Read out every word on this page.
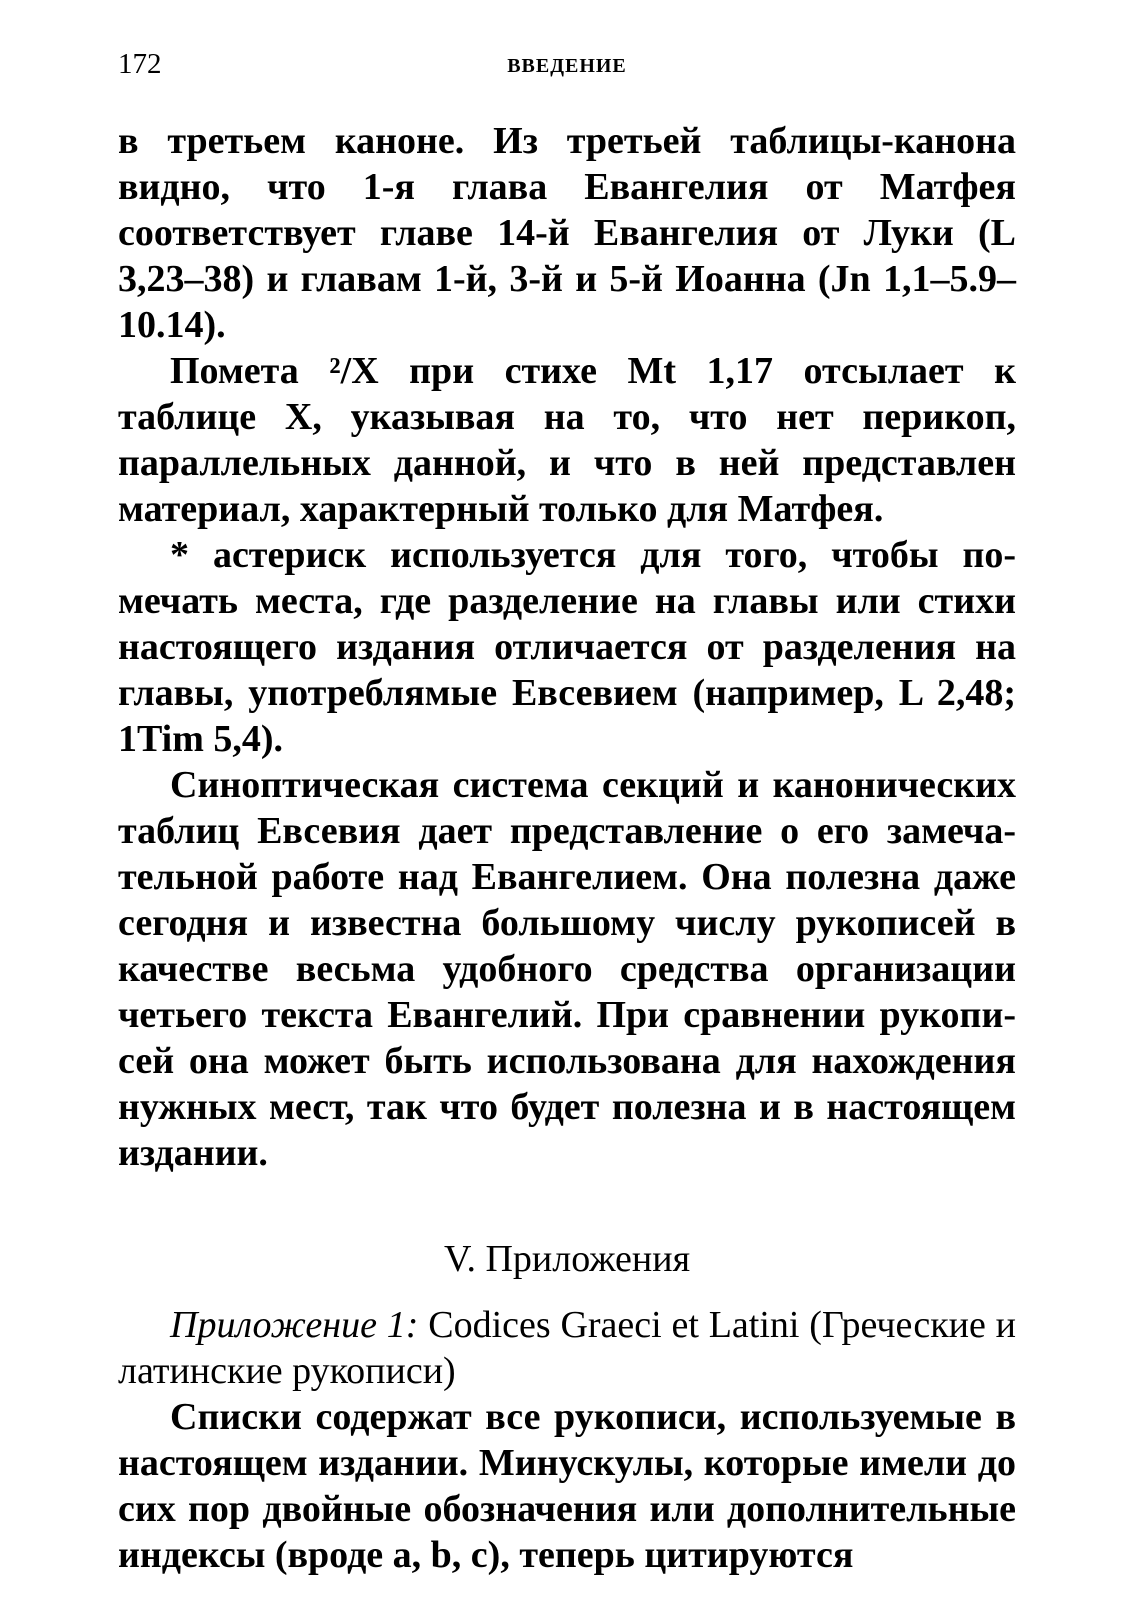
172	ВВЕДЕНИЕ

в третьем каноне. Из третьей таблицы-канона видно, что 1-я глава Евангелия от Матфея соответствует главе 14-й Евангелия от Луки (L 3,23–38) и главам 1-й, 3-й и 5-й Иоанна (Jn 1,1–5.9–10.14).

Помета ²/X при стихе Mt 1,17 отсылает к таблице X, указывая на то, что нет перикоп, параллельных данной, и что в ней представлен материал, характерный только для Матфея.

* астериск используется для того, чтобы помечать места, где разделение на главы или стихи настоящего издания отличается от разделения на главы, употреблямые Евсевием (например, L 2,48; 1Tim 5,4).

Синоптическая система секций и канонических таблиц Евсевия дает представление о его замечательной работе над Евангелием. Она полезна даже сегодня и известна большому числу рукописей в качестве весьма удобного средства организации четьего текста Евангелий. При сравнении рукописей она может быть использована для нахождения нужных мест, так что будет полезна и в настоящем издании.

V. Приложения

Приложение 1: Codices Graeci et Latini (Греческие и латинские рукописи)

Списки содержат все рукописи, используемые в настоящем издании. Минускулы, которые имели до сих пор двойные обозначения или дополнительные индексы (вроде a, b, c), теперь цитируются
